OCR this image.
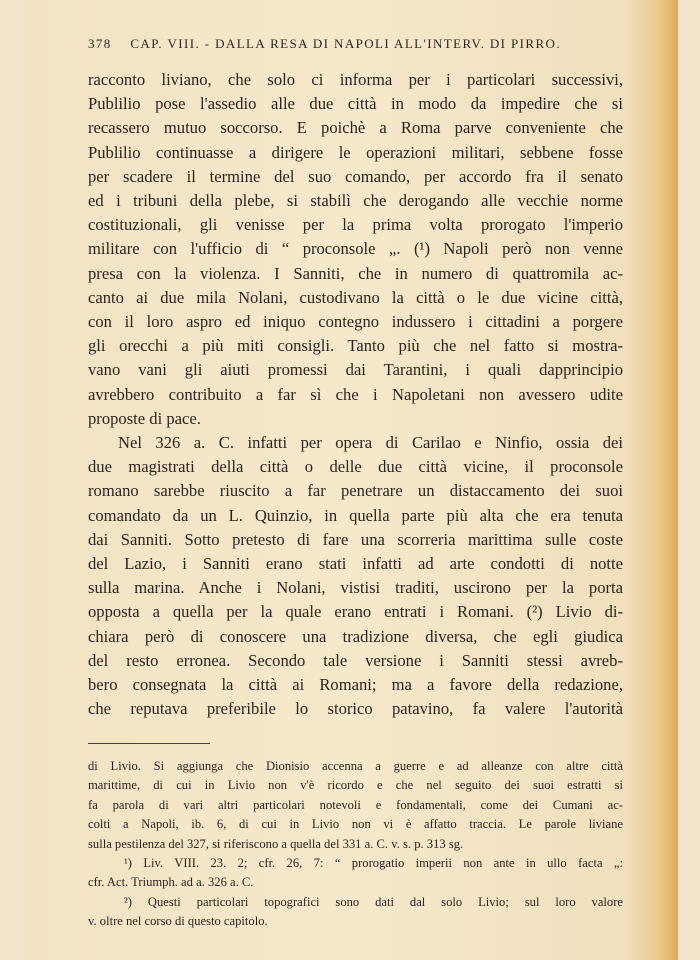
378 CAP. VIII. - DALLA RESA DI NAPOLI ALL'INTERV. DI PIRRO.

racconto liviano, che solo ci informa per i particolari successivi,
Publilio pose l'assedio alle due città in modo da impedire che si
recassero mutuo soccorso. E poichè a Roma parve conveniente che
Publilio continuasse a dirigere le operazioni militari, sebbene fosse
per scadere il termine del suo comando, per accordo fra il senato
ed i tribuni della plebe, si stabilì che derogando alle vecchie norme
costituzionali, gli venisse per la prima volta prorogato l'imperio
militare con l'ufficio di “ proconsole „. (¹) Napoli però non venne
presa con la violenza. I Sanniti, che in numero di quattromila ac-
canto ai due mila Nolani, custodivano la città o le due vicine città,
con il loro aspro ed iniquo contegno indussero i cittadini a porgere
gli orecchi a più miti consigli. Tanto più che nel fatto si mostra-
vano vani gli aiuti promessi dai Tarantini, i quali dapprincipio
avrebbero contribuito a far sì che i Napoletani non avessero udite
proposte di pace.

Nel 326 a. C. infatti per opera di Carilao e Ninfio, ossia dei
due magistrati della città o delle due città vicine, il proconsole
romano sarebbe riuscito a far penetrare un distaccamento dei suoi
comandato da un L. Quinzio, in quella parte più alta che era tenuta
dai Sanniti. Sotto pretesto di fare una scorreria marittima sulle coste
del Lazio, i Sanniti erano stati infatti ad arte condotti di notte
sulla marina. Anche i Nolani, vistisi traditi, uscirono per la porta
opposta a quella per la quale erano entrati i Romani. (²) Livio di-
chiara però di conoscere una tradizione diversa, che egli giudica
del resto erronea. Secondo tale versione i Sanniti stessi avreb-
bero consegnata la città ai Romani; ma a favore della redazione,
che reputava preferibile lo storico patavino, fa valere l'autorità

di Livio. Si aggiunga che Dionisio accenna a guerre e ad alleanze con altre città
marittime, di cui in Livio non v'è ricordo e che nel seguito dei suoi estratti si
fa parola di vari altri particolari notevoli e fondamentali, come dei Cumani ac-
colti a Napoli, ib. 6, di cui in Livio non vi è affatto traccia. Le parole liviane
sulla pestilenza del 327, si riferiscono a quella del 331 a. C. v. s. p. 313 sg.
¹) Liv. VIII. 23. 2; cfr. 26, 7: “ prorogatio imperii non ante in ullo facta „:
cfr. Act. Triumph. ad a. 326 a. C.
²) Questi particolari topografici sono dati dal solo Livio; sul loro valore
v. oltre nel corso di questo capitolo.
